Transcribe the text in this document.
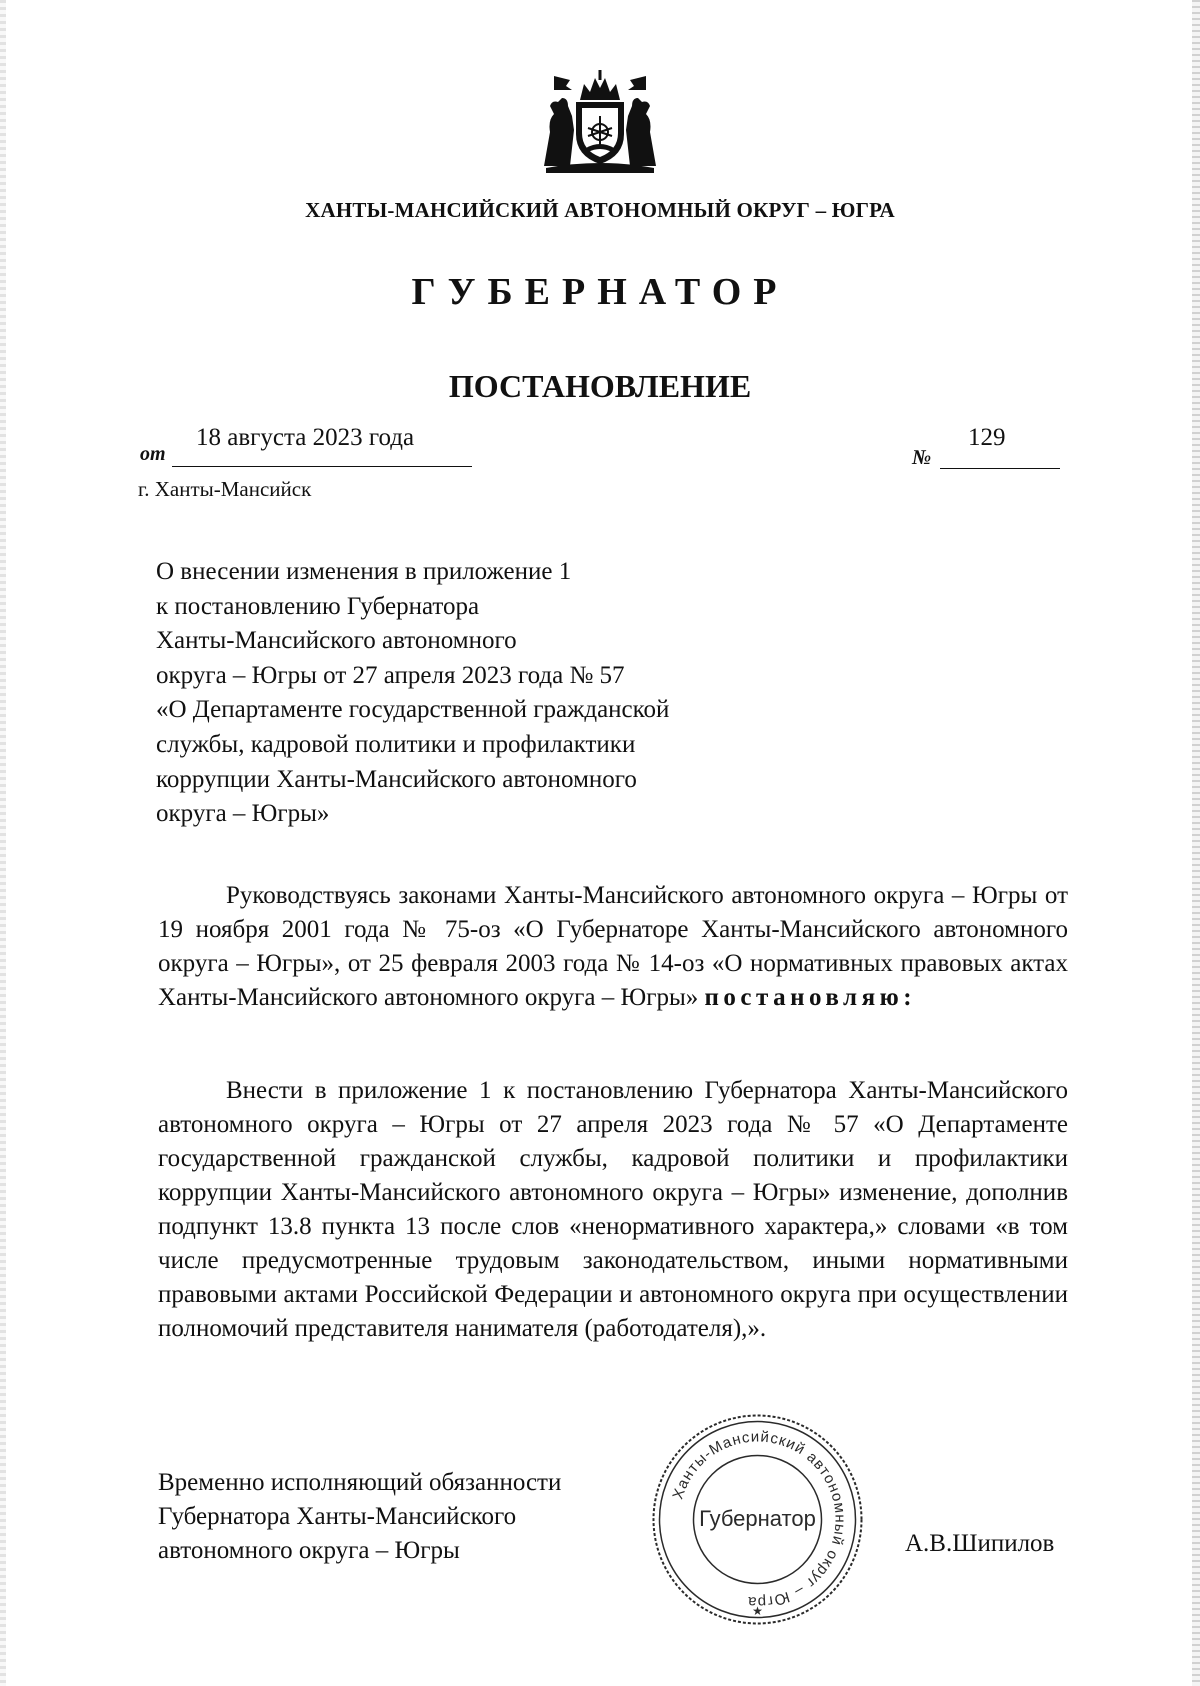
ХАНТЫ-МАНСИЙСКИЙ АВТОНОМНЫЙ ОКРУГ – ЮГРА
ГУБЕРНАТОР
ПОСТАНОВЛЕНИЕ
от
18 августа 2023 года
№
129
г. Ханты-Мансийск
О внесении изменения в приложение 1
к постановлению Губернатора
Ханты-Мансийского автономного
округа – Югры от 27 апреля 2023 года № 57
«О Департаменте государственной гражданской
службы, кадровой политики и профилактики
коррупции Ханты-Мансийского автономного
округа – Югры»
Руководствуясь законами Ханты-Мансийского автономного округа – Югры от 19 ноября 2001 года № 75-оз «О Губернаторе Ханты-Мансийского автономного округа – Югры», от 25 февраля 2003 года № 14-оз «О нормативных правовых актах Ханты-Мансийского автономного округа – Югры» постановляю:
Внести в приложение 1 к постановлению Губернатора Ханты-Мансийского автономного округа – Югры от 27 апреля 2023 года № 57 «О Департаменте государственной гражданской службы, кадровой политики и профилактики коррупции Ханты-Мансийского автономного округа – Югры» изменение, дополнив подпункт 13.8 пункта 13 после слов «ненормативного характера,» словами «в том числе предусмотренные трудовым законодательством, иными нормативными правовыми актами Российской Федерации и автономного округа при осуществлении полномочий представителя нанимателя (работодателя),».
Временно исполняющий обязанности
Губернатора Ханты-Мансийского
автономного округа – Югры
Ханты-Мансийский автономный округ – Югра
Губернатор
★
А.В.Шипилов
